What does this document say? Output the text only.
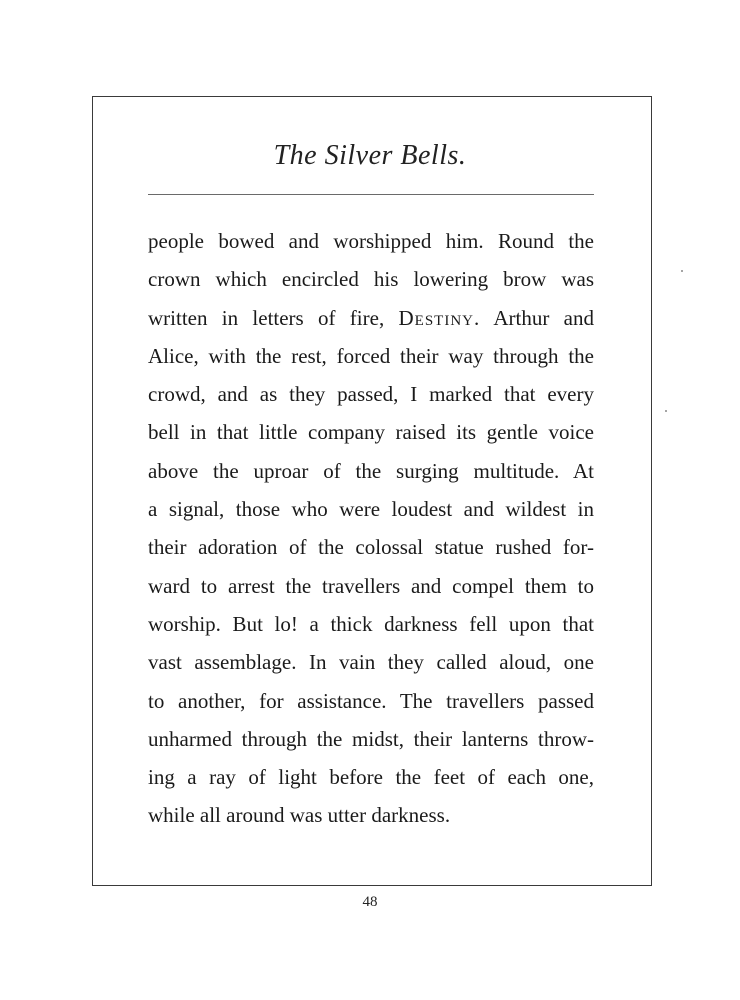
The Silver Bells.
people bowed and worshipped him. Round the
crown which encircled his lowering brow was
written in letters of fire, Destiny. Arthur and
Alice, with the rest, forced their way through the
crowd, and as they passed, I marked that every
bell in that little company raised its gentle voice
above the uproar of the surging multitude. At
a signal, those who were loudest and wildest in
their adoration of the colossal statue rushed for-
ward to arrest the travellers and compel them to
worship. But lo! a thick darkness fell upon that
vast assemblage. In vain they called aloud, one
to another, for assistance. The travellers passed
unharmed through the midst, their lanterns throw-
ing a ray of light before the feet of each one,
while all around was utter darkness.
48
